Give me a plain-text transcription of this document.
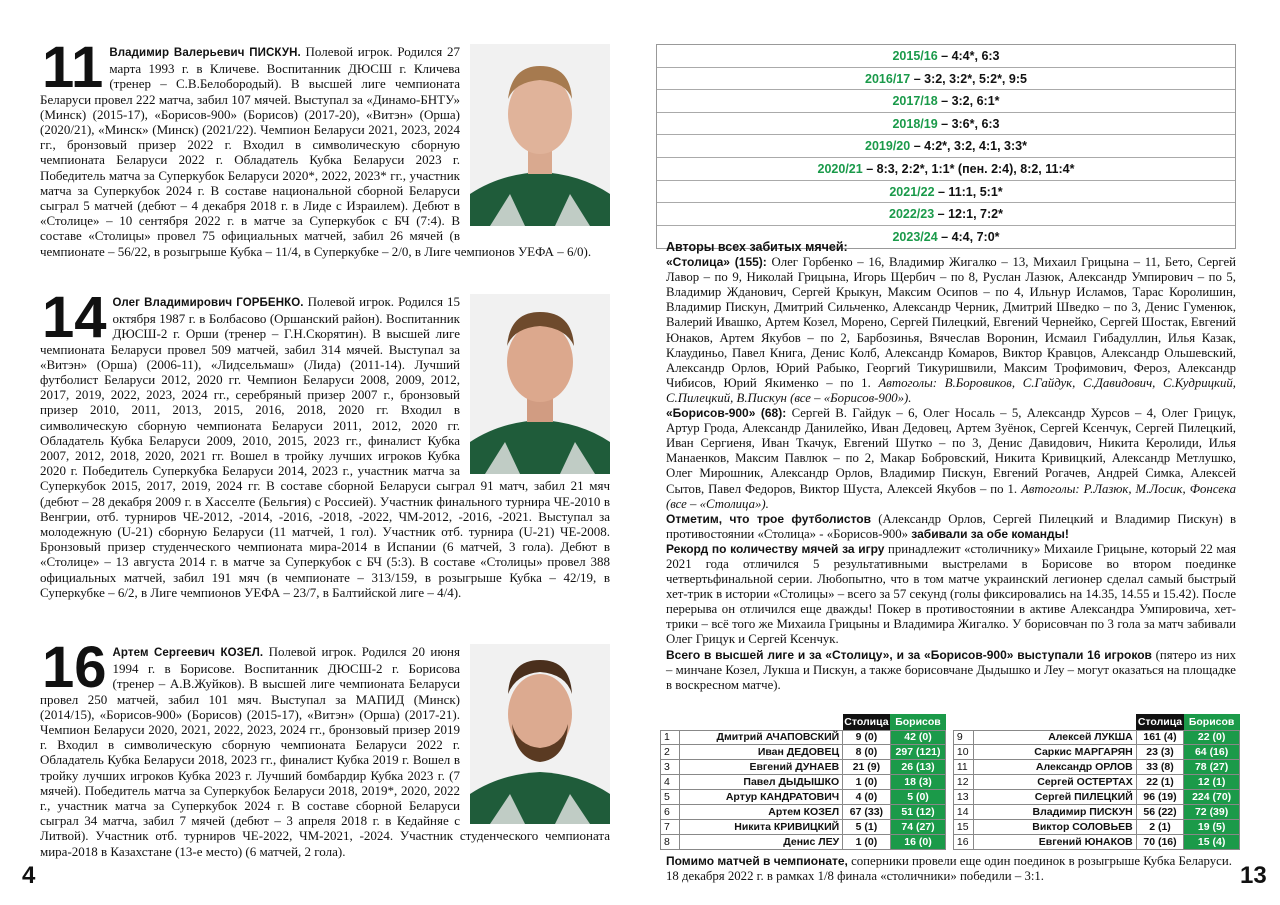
11 Владимир Валерьевич ПИСКУН. Полевой игрок. Родился 27 марта 1993 г. в Кличеве. Воспитанник ДЮСШ г. Кличева (тренер – С.В.Белобородый). В высшей лиге чемпионата Беларуси провел 222 матча, забил 107 мячей. Выступал за «Динамо-БНТУ» (Минск) (2015-17), «Борисов-900» (Борисов) (2017-20), «Витэн» (Орша) (2020/21), «Минск» (Минск) (2021/22). Чемпион Беларуси 2021, 2023, 2024 гг., бронзовый призер 2022 г. Входил в символическую сборную чемпионата Беларуси 2022 г. Обладатель Кубка Беларуси 2023 г. Победитель матча за Суперкубок Беларуси 2020*, 2022, 2023* гг., участник матча за Суперкубок 2024 г. В составе национальной сборной Беларуси сыграл 5 матчей (дебют – 4 декабря 2018 г. в Лиде с Израилем). Дебют в «Столице» – 10 сентября 2022 г. в матче за Суперкубок с БЧ (7:4). В составе «Столицы» провел 75 официальных матчей, забил 26 мячей (в чемпионате – 56/22, в розыгрыше Кубка – 11/4, в Суперкубке – 2/0, в Лиге чемпионов УЕФА – 6/0).
14 Олег Владимирович ГОРБЕНКО. Полевой игрок. Родился 15 октября 1987 г. в Болбасово (Оршанский район). Воспитанник ДЮСШ-2 г. Орши (тренер – Г.Н.Скорятин). В высшей лиге чемпионата Беларуси провел 509 матчей, забил 314 мячей. Выступал за «Витэн» (Орша) (2006-11), «Лидсельмаш» (Лида) (2011-14). Лучший футболист Беларуси 2012, 2020 гг. Чемпион Беларуси 2008, 2009, 2012, 2017, 2019, 2022, 2023, 2024 гг., серебряный призер 2007 г., бронзовый призер 2010, 2011, 2013, 2015, 2016, 2018, 2020 гг. Входил в символическую сборную чемпионата Беларуси 2011, 2012, 2020 гг. Обладатель Кубка Беларуси 2009, 2010, 2015, 2023 гг., финалист Кубка 2007, 2012, 2018, 2020, 2021 гг. Вошел в тройку лучших игроков Кубка 2020 г. Победитель Суперкубка Беларуси 2014, 2023 г., участник матча за Суперкубок 2015, 2017, 2019, 2024 гг. В составе сборной Беларуси сыграл 91 матч, забил 21 мяч (дебют – 28 декабря 2009 г. в Хасселте (Бельгия) с Россией). Участник финального турнира ЧЕ-2010 в Венгрии, отб. турниров ЧЕ-2012, -2014, -2016, -2018, -2022, ЧМ-2012, -2016, -2021. Выступал за молодежную (U-21) сборную Беларуси (11 матчей, 1 гол). Участник отб. турнира (U-21) ЧЕ-2008. Бронзовый призер студенческого чемпионата мира-2014 в Испании (6 матчей, 3 гола). Дебют в «Столице» – 13 августа 2014 г. в матче за Суперкубок с БЧ (5:3). В составе «Столицы» провел 388 официальных матчей, забил 191 мяч (в чемпионате – 313/159, в розыгрыше Кубка – 42/19, в Суперкубке – 6/2, в Лиге чемпионов УЕФА – 23/7, в Балтийской лиге – 4/4).
16 Артем Сергеевич КОЗЕЛ. Полевой игрок. Родился 20 июня 1994 г. в Борисове. Воспитанник ДЮСШ-2 г. Борисова (тренер – А.В.Жуйков). В высшей лиге чемпионата Беларуси провел 250 матчей, забил 101 мяч. Выступал за МАПИД (Минск) (2014/15), «Борисов-900» (Борисов) (2015-17), «Витэн» (Орша) (2017-21). Чемпион Беларуси 2020, 2021, 2022, 2023, 2024 гг., бронзовый призер 2019 г. Входил в символическую сборную чемпионата Беларуси 2022 г. Обладатель Кубка Беларуси 2018, 2023 гг., финалист Кубка 2019 г. Вошел в тройку лучших игроков Кубка 2023 г. Лучший бомбардир Кубка 2023 г. (7 мячей). Победитель матча за Суперкубок Беларуси 2018, 2019*, 2020, 2022 г., участник матча за Суперкубок 2024 г. В составе сборной Беларуси сыграл 34 матча, забил 7 мячей (дебют – 3 апреля 2018 г. в Кедайняе с Литвой). Участник отб. турниров ЧЕ-2022, ЧМ-2021, -2024. Участник студенческого чемпионата мира-2018 в Казахстане (13-е место) (6 матчей, 2 гола).
4
2015/16 – 4:4*, 6:3
2016/17 – 3:2, 3:2*, 5:2*, 9:5
2017/18 – 3:2, 6:1*
2018/19 – 3:6*, 6:3
2019/20 – 4:2*, 3:2, 4:1, 3:3*
2020/21 – 8:3, 2:2*, 1:1* (пен. 2:4), 8:2, 11:4*
2021/22 – 11:1, 5:1*
2022/23 – 12:1, 7:2*
2023/24 – 4:4, 7:0*

Авторы всех забитых мячей:

«Столица» (155): Олег Горбенко – 16, Владимир Жигалко – 13, Михаил Грицына – 11, Бето, Сергей Лавор – по 9, Николай Грицына, Игорь Щербич – по 8, Руслан Лазюк, Александр Умпирович – по 5, Владимир Жданович, Сергей Крыкун, Максим Осипов – по 4, Ильнур Исламов, Тарас Королишин, Владимир Пискун, Дмитрий Сильченко, Александр Черник, Дмитрий Шведко – по 3, Денис Гуменюк, Валерий Ивашко, Артем Козел, Морено, Сергей Пилецкий, Евгений Чернейко, Сергей Шостак, Евгений Юнаков, Артем Якубов – по 2, Барбозинья, Вячеслав Воронин, Исмаил Гибадуллин, Илья Казак, Клаудиньо, Павел Книга, Денис Колб, Александр Комаров, Виктор Кравцов, Александр Ольшевский, Александр Орлов, Юрий Рабыко, Георгий Тикуришвили, Максим Трофимович, Фероз, Александр Чибисов, Юрий Якименко – по 1. Автоголы: В.Боровиков, С.Гайдук, С.Давидович, С.Кудрицкий, С.Пилецкий, В.Пискун (все – «Борисов-900»).

«Борисов-900» (68): Сергей В. Гайдук – 6, Олег Носаль – 5, Александр Хурсов – 4, Олег Грицук, Артур Грода, Александр Данилейко, Иван Дедовец, Артем Зуёнок, Сергей Ксенчук, Сергей Пилецкий, Иван Сергиеня, Иван Ткачук, Евгений Шутко – по 3, Денис Давидович, Никита Керолиди, Илья Манаенков, Максим Павлюк – по 2, Макар Бобровский, Никита Кривицкий, Александр Метлушко, Олег Мирошник, Александр Орлов, Владимир Пискун, Евгений Рогачев, Андрей Симка, Алексей Сытов, Павел Федоров, Виктор Шуста, Алексей Якубов – по 1. Автоголы: Р.Лазюк, М.Лосик, Фонсека (все – «Столица»).

Отметим, что трое футболистов (Александр Орлов, Сергей Пилецкий и Владимир Пискун) в противостоянии «Столица» - «Борисов-900» забивали за обе команды!

Рекорд по количеству мячей за игру принадлежит «столичнику» Михаиле Грицыне, который 22 мая 2021 года отличился 5 результативными выстрелами в Борисове во втором поединке четвертьфинальной серии. Любопытно, что в том матче украинский легионер сделал самый быстрый хет-трик в истории «Столицы» – всего за 57 секунд (голы фиксировались на 14.35, 14.55 и 15.42). После перерыва он отличился еще дважды! Покер в противостоянии в активе Александра Умпировича, хет-трики – всё того же Михаила Грицыны и Владимира Жигалко. У борисовчан по 3 гола за матч забивали Олег Грицук и Сергей Ксенчук.

Всего в высшей лиге и за «Столицу», и за «Борисов-900» выступали 16 игроков (пятеро из них – минчане Козел, Лукша и Пискун, а также борисовчане Дыдышко и Леу – могут оказаться на площадке в воскресном матче).

		Столица	Борисов				Столица	Борисов
1	Дмитрий АЧАПОВСКИЙ	9 (0)	42 (0)		9	Алексей ЛУКША	161 (4)	22 (0)
2	Иван ДЕДОВЕЦ	8 (0)	297 (121)		10	Саркис МАРГАРЯН	23 (3)	64 (16)
3	Евгений ДУНАЕВ	21 (9)	26 (13)		11	Александр ОРЛОВ	33 (8)	78 (27)
4	Павел ДЫДЫШКО	1 (0)	18 (3)		12	Сергей ОСТЕРТАХ	22 (1)	12 (1)
5	Артур КАНДРАТОВИЧ	4 (0)	5 (0)		13	Сергей ПИЛЕЦКИЙ	96 (19)	224 (70)
6	Артем КОЗЕЛ	67 (33)	51 (12)		14	Владимир ПИСКУН	56 (22)	72 (39)
7	Никита КРИВИЦКИЙ	5 (1)	74 (27)		15	Виктор СОЛОВЬЕВ	2 (1)	19 (5)
8	Денис ЛЕУ	1 (0)	16 (0)		16	Евгений ЮНАКОВ	70 (16)	15 (4)

Помимо матчей в чемпионате, соперники провели еще один поединок в розыгрыше Кубка Беларуси. 18 декабря 2022 г. в рамках 1/8 финала «столичники» победили – 3:1.	13
